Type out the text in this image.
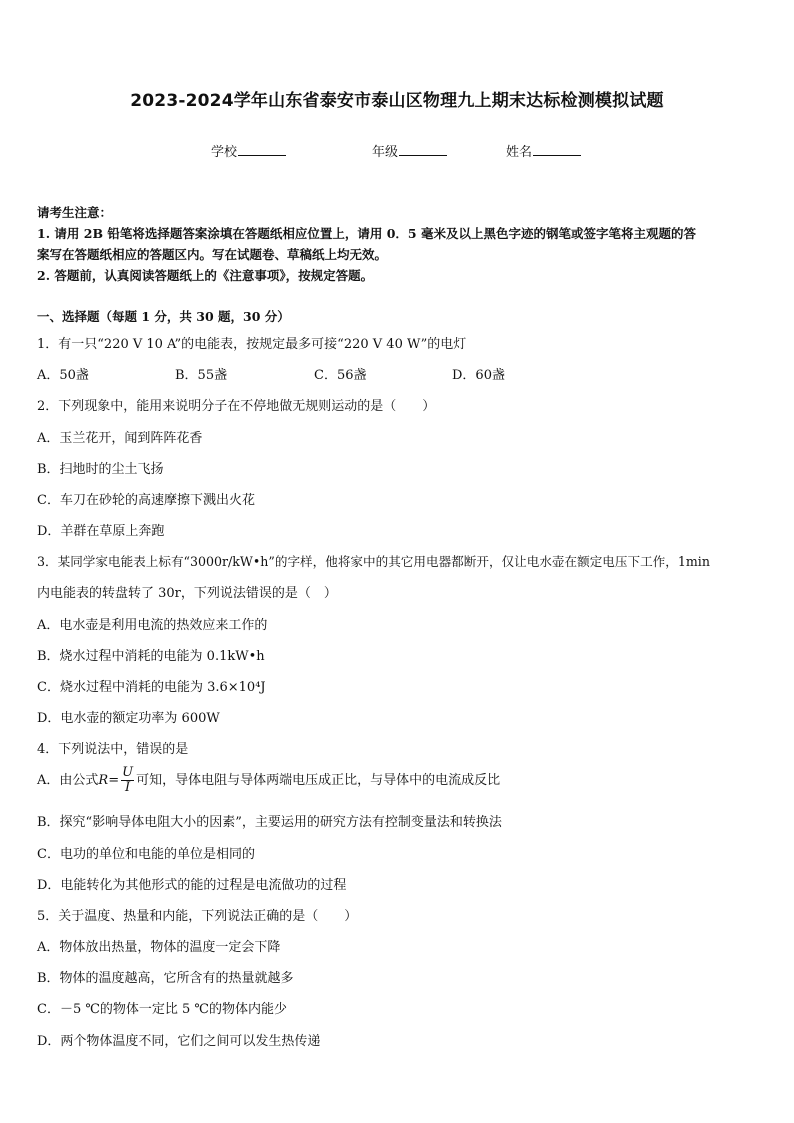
2023-2024学年山东省泰安市泰山区物理九上期末达标检测模拟试题
学校	年级	姓名
请考生注意：
1. 请用 2B 铅笔将选择题答案涂填在答题纸相应位置上，请用 0．5 毫米及以上黑色字迹的钢笔或签字笔将主观题的答
案写在答题纸相应的答题区内。写在试题卷、草稿纸上均无效。
2. 答题前，认真阅读答题纸上的《注意事项》，按规定答题。
一、选择题（每题 1 分，共 30 题，30 分）
1．有一只“220 V 10 A”的电能表，按规定最多可接“220 V 40 W”的电灯
A．50盏	B．55盏	C．56盏	D．60盏
2．下列现象中，能用来说明分子在不停地做无规则运动的是（　　）
A．玉兰花开，闻到阵阵花香
B．扫地时的尘土飞扬
C．车刀在砂轮的高速摩擦下溅出火花
D．羊群在草原上奔跑
3．某同学家电能表上标有“3000r/kW•h”的字样，他将家中的其它用电器都断开，仅让电水壶在额定电压下工作，1min
内电能表的转盘转了 30r，下列说法错误的是（　）
A．电水壶是利用电流的热效应来工作的
B．烧水过程中消耗的电能为 0.1kW•h
C．烧水过程中消耗的电能为 3.6×10⁴J
D．电水壶的额定功率为 600W
4．下列说法中，错误的是
A．由公式$R= \frac{U}{I}$ 可知，导体电阻与导体两端电压成正比，与导体中的电流成反比
B．探究“影响导体电阻大小的因素”，主要运用的研究方法有控制变量法和转换法
C．电功的单位和电能的单位是相同的
D．电能转化为其他形式的能的过程是电流做功的过程
5．关于温度、热量和内能，下列说法正确的是（　　）
A．物体放出热量，物体的温度一定会下降
B．物体的温度越高，它所含有的热量就越多
C．－5 ℃的物体一定比 5 ℃的物体内能少
D．两个物体温度不同，它们之间可以发生热传递
